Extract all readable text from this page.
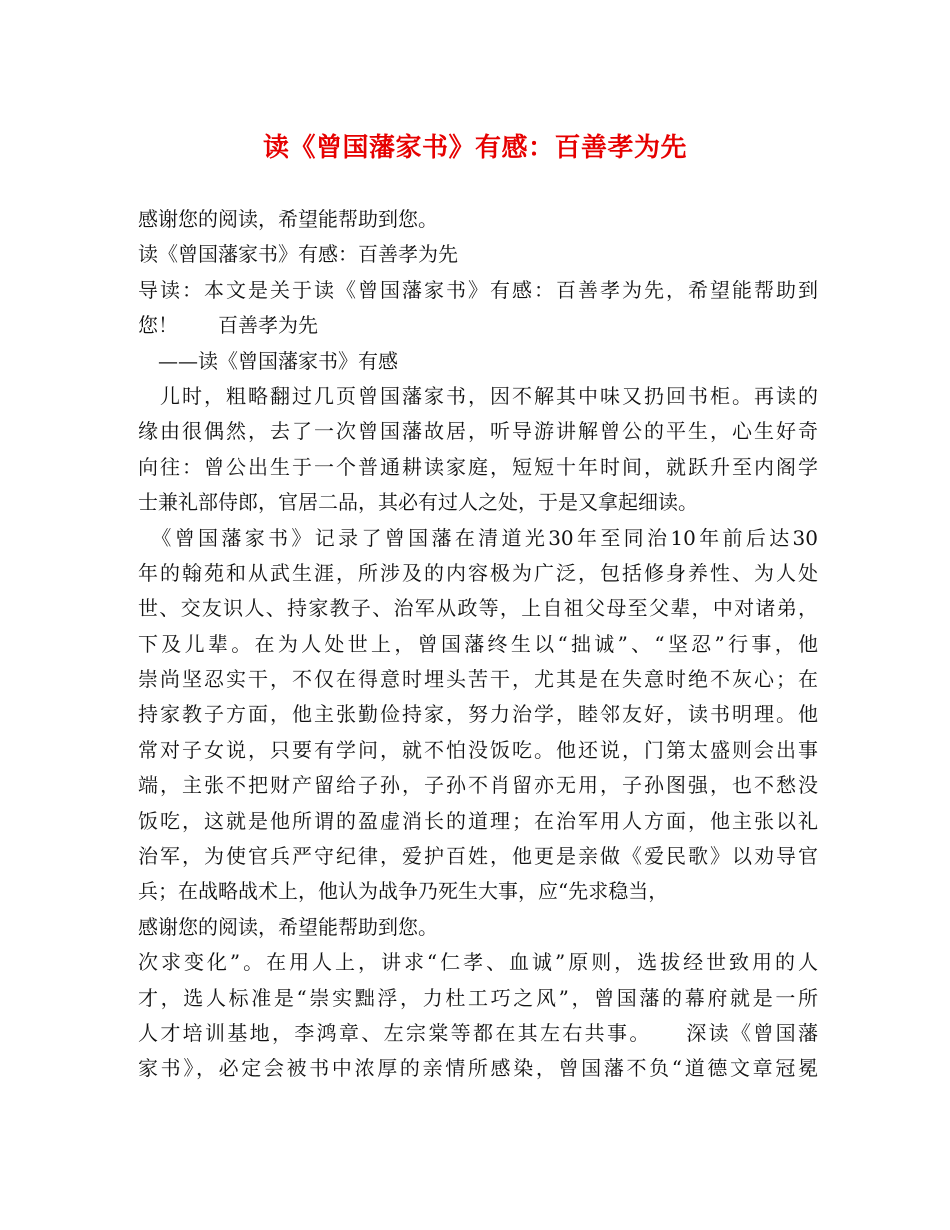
读《曾国藩家书》有感：百善孝为先
感谢您的阅读，希望能帮助到您。
读《曾国藩家书》有感：百善孝为先
导读：本文是关于读《曾国藩家书》有感：百善孝为先，希望能帮助到
您！　　百善孝为先
　——读《曾国藩家书》有感
　儿时，粗略翻过几页曾国藩家书，因不解其中味又扔回书柜。再读的
缘由很偶然，去了一次曾国藩故居，听导游讲解曾公的平生，心生好奇
向往：曾公出生于一个普通耕读家庭，短短十年时间，就跃升至内阁学
士兼礼部侍郎，官居二品，其必有过人之处，于是又拿起细读。
　《曾国藩家书》记录了曾国藩在清道光30年至同治10年前后达30
年的翰苑和从武生涯，所涉及的内容极为广泛，包括修身养性、为人处
世、交友识人、持家教子、治军从政等，上自祖父母至父辈，中对诸弟，
下及儿辈。在为人处世上，曾国藩终生以“拙诚”、“坚忍”行事，他
崇尚坚忍实干，不仅在得意时埋头苦干，尤其是在失意时绝不灰心；在
持家教子方面，他主张勤俭持家，努力治学，睦邻友好，读书明理。他
常对子女说，只要有学问，就不怕没饭吃。他还说，门第太盛则会出事
端，主张不把财产留给子孙，子孙不肖留亦无用，子孙图强，也不愁没
饭吃，这就是他所谓的盈虚消长的道理；在治军用人方面，他主张以礼
治军，为使官兵严守纪律，爱护百姓，他更是亲做《爱民歌》以劝导官
兵；在战略战术上，他认为战争乃死生大事，应“先求稳当，
感谢您的阅读，希望能帮助到您。
次求变化”。在用人上，讲求“仁孝、血诚”原则，选拔经世致用的人
才，选人标准是“崇实黜浮，力杜工巧之风”，曾国藩的幕府就是一所
人才培训基地，李鸿章、左宗棠等都在其左右共事。　　深读《曾国藩
家书》，必定会被书中浓厚的亲情所感染，曾国藩不负“道德文章冠冕
